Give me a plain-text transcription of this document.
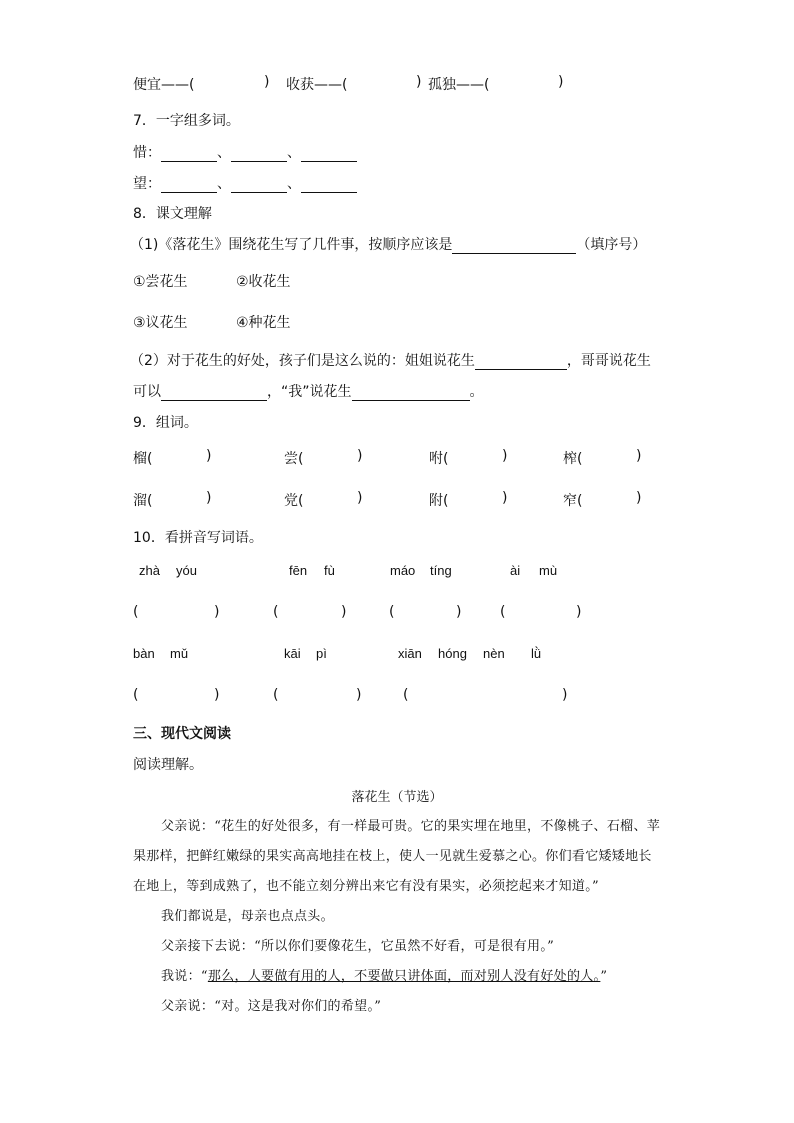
便宜——(	) 收获——(	) 孤独——(	)
7．一字组多词。
惜：	、	、
望：	、	、
8．课文理解
（1)《落花生》围绕花生写了几件事，按顺序应该是	（填序号）
①尝花生	②收花生
③议花生	④种花生
（2）对于花生的好处，孩子们是这么说的：姐姐说花生	，哥哥说花生
可以	，“我”说花生	。
9．组词。
榴(	)	尝(	)	咐(	)	榨(	)
溜(	)	党(	)	附(	)	窄(	)
10．看拼音写词语。
zhà yóu	fēn fù	máo tíng	ài mù
(	)	(	)	(	)	(	)
bàn mǔ	kāi pì	xiān hóng nèn lǜ
(	)	(	)	(	)
三、现代文阅读
阅读理解。
落花生（节选）

父亲说：“花生的好处很多，有一样最可贵。它的果实埋在地里，不像桃子、石榴、苹果那样，把鲜红嫩绿的果实高高地挂在枝上，使人一见就生爱慕之心。你们看它矮矮地长在地上，等到成熟了，也不能立刻分辨出来它有没有果实，必须挖起来才知道。”

我们都说是，母亲也点点头。

父亲接下去说：“所以你们要像花生，它虽然不好看，可是很有用。”

我说：“那么，人要做有用的人，不要做只讲体面，而对别人没有好处的人。”

父亲说：“对。这是我对你们的希望。”
